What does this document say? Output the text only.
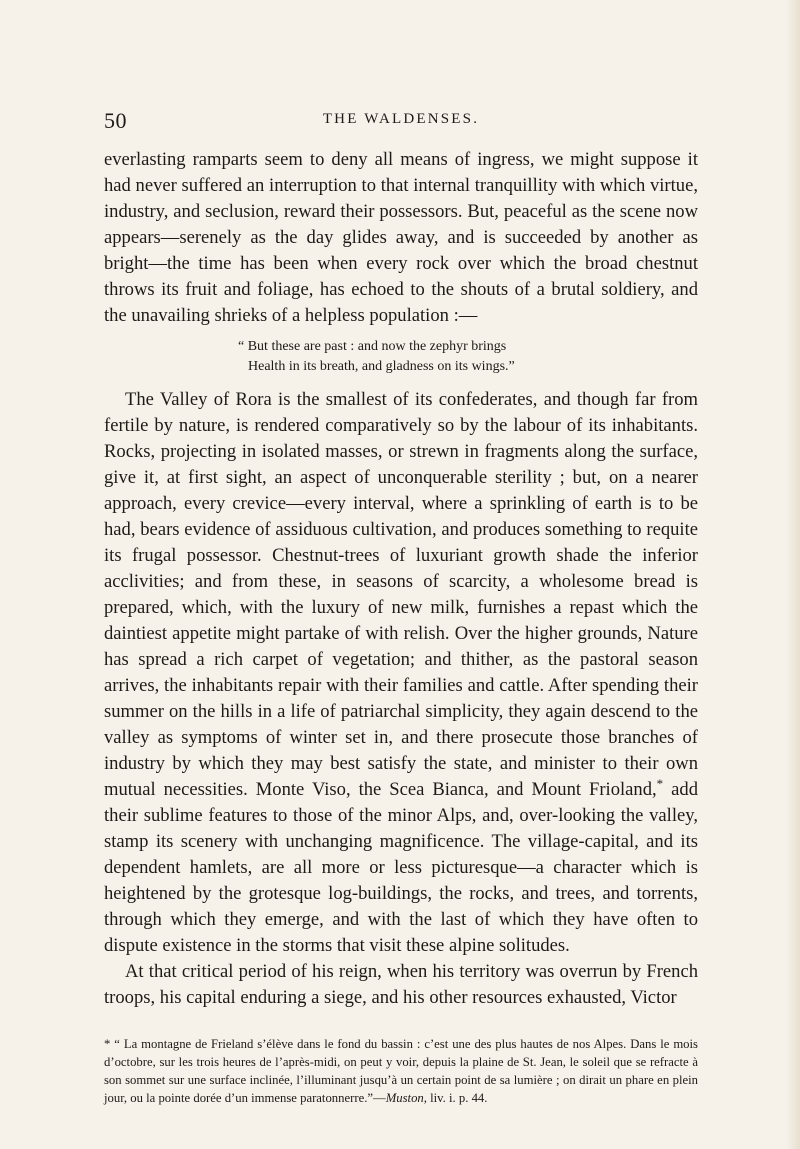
50	THE WALDENSES.

everlasting ramparts seem to deny all means of ingress, we might suppose it had never suffered an interruption to that internal tranquillity with which virtue, industry, and seclusion, reward their possessors. But, peaceful as the scene now appears—serenely as the day glides away, and is succeeded by another as bright—the time has been when every rock over which the broad chestnut throws its fruit and foliage, has echoed to the shouts of a brutal soldiery, and the unavailing shrieks of a helpless population :—

“ But these are past : and now the zephyr brings
Health in its breath, and gladness on its wings.”

The Valley of Rora is the smallest of its confederates, and though far from fertile by nature, is rendered comparatively so by the labour of its inhabitants. Rocks, projecting in isolated masses, or strewn in fragments along the surface, give it, at first sight, an aspect of unconquerable sterility ; but, on a nearer approach, every crevice—every interval, where a sprinkling of earth is to be had, bears evidence of assiduous cultivation, and produces something to requite its frugal possessor. Chestnut-trees of luxuriant growth shade the inferior acclivities; and from these, in seasons of scarcity, a wholesome bread is prepared, which, with the luxury of new milk, furnishes a repast which the daintiest appetite might partake of with relish. Over the higher grounds, Nature has spread a rich carpet of vegetation; and thither, as the pastoral season arrives, the inhabitants repair with their families and cattle. After spending their summer on the hills in a life of patriarchal simplicity, they again descend to the valley as symptoms of winter set in, and there prosecute those branches of industry by which they may best satisfy the state, and minister to their own mutual necessities. Monte Viso, the Scea Bianca, and Mount Frioland,* add their sublime features to those of the minor Alps, and, over-looking the valley, stamp its scenery with unchanging magnificence. The village-capital, and its dependent hamlets, are all more or less picturesque—a character which is heightened by the grotesque log-buildings, the rocks, and trees, and torrents, through which they emerge, and with the last of which they have often to dispute existence in the storms that visit these alpine solitudes.

At that critical period of his reign, when his territory was overrun by French troops, his capital enduring a siege, and his other resources exhausted, Victor

* “ La montagne de Frieland s’élève dans le fond du bassin : c’est une des plus hautes de nos Alpes. Dans le mois d’octobre, sur les trois heures de l’après-midi, on peut y voir, depuis la plaine de St. Jean, le soleil que se refracte à son sommet sur une surface inclinée, l’illuminant jusqu’à un certain point de sa lumière ; on dirait un phare en plein jour, ou la pointe dorée d’un immense paratonnerre.”—Muston, liv. i. p. 44.
